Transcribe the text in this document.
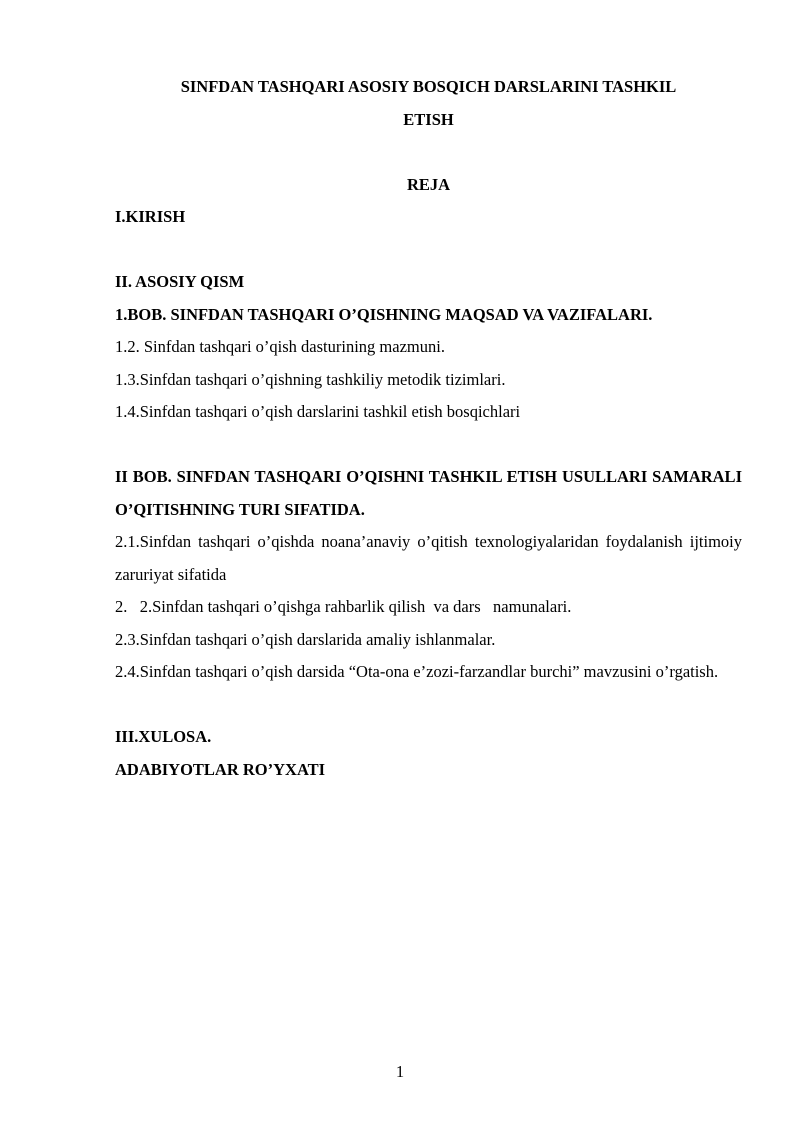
SINFDAN TASHQARI ASOSIY BOSQICH DARSLARINI TASHKIL
ETISH

REJA

I.KIRISH

II. ASOSIY QISM

1.BOB. SINFDAN TASHQARI O’QISHNING MAQSAD VA VAZIFALARI.

1.2. Sinfdan tashqari o’qish dasturining mazmuni.

1.3.Sinfdan tashqari o’qishning tashkiliy metodik tizimlari.

1.4.Sinfdan tashqari o’qish darslarini tashkil etish bosqichlari

II BOB. SINFDAN TASHQARI O’QISHNI TASHKIL ETISH USULLARI SAMARALI O’QITISHNING TURI SIFATIDA.

2.1.Sinfdan tashqari o’qishda noana’anaviy o’qitish texnologiyalaridan foydalanish ijtimoiy zaruriyat sifatida

2.   2.Sinfdan tashqari o’qishga rahbarlik qilish  va dars   namunalari.

2.3.Sinfdan tashqari o’qish darslarida amaliy ishlanmalar.

2.4.Sinfdan tashqari o’qish darsida “Ota-ona e’zozi-farzandlar burchi” mavzusini o’rgatish.

III.XULOSA.

ADABIYOTLAR RO’YXATI

1
